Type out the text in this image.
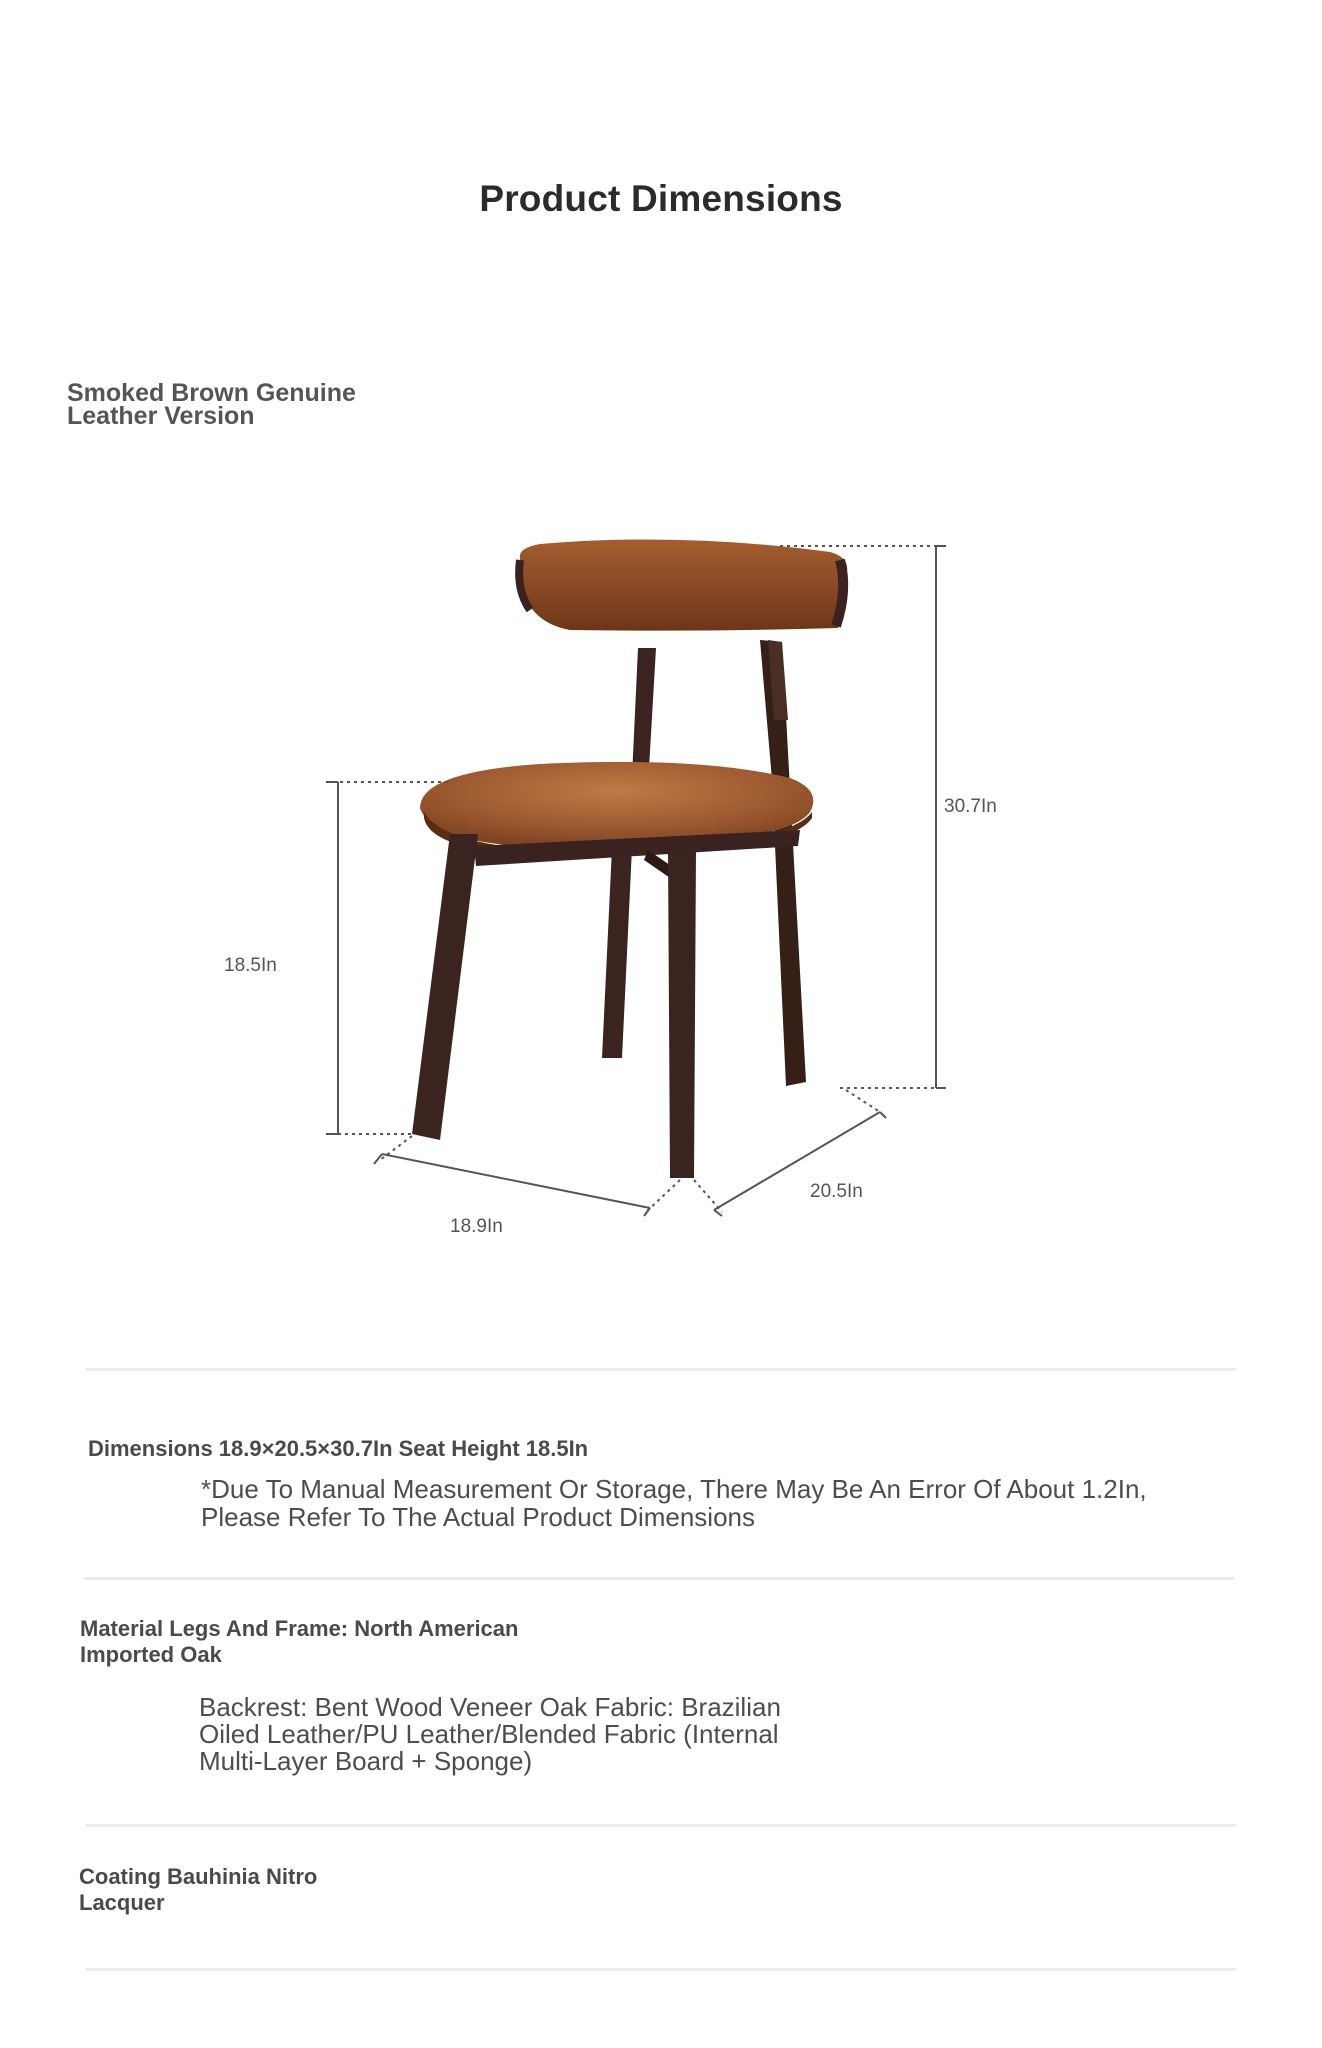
Product Dimensions
Smoked Brown Genuine Leather Version
30.7In
18.5In
18.9In
20.5In
Dimensions 18.9×20.5×30.7In Seat Height 18.5In
*Due To Manual Measurement Or Storage, There May Be An Error Of About 1.2In, Please Refer To The Actual Product Dimensions
Material Legs And Frame: North American Imported Oak
Backrest: Bent Wood Veneer Oak Fabric: Brazilian Oiled Leather/PU Leather/Blended Fabric (Internal Multi-Layer Board + Sponge)
Coating Bauhinia Nitro Lacquer
